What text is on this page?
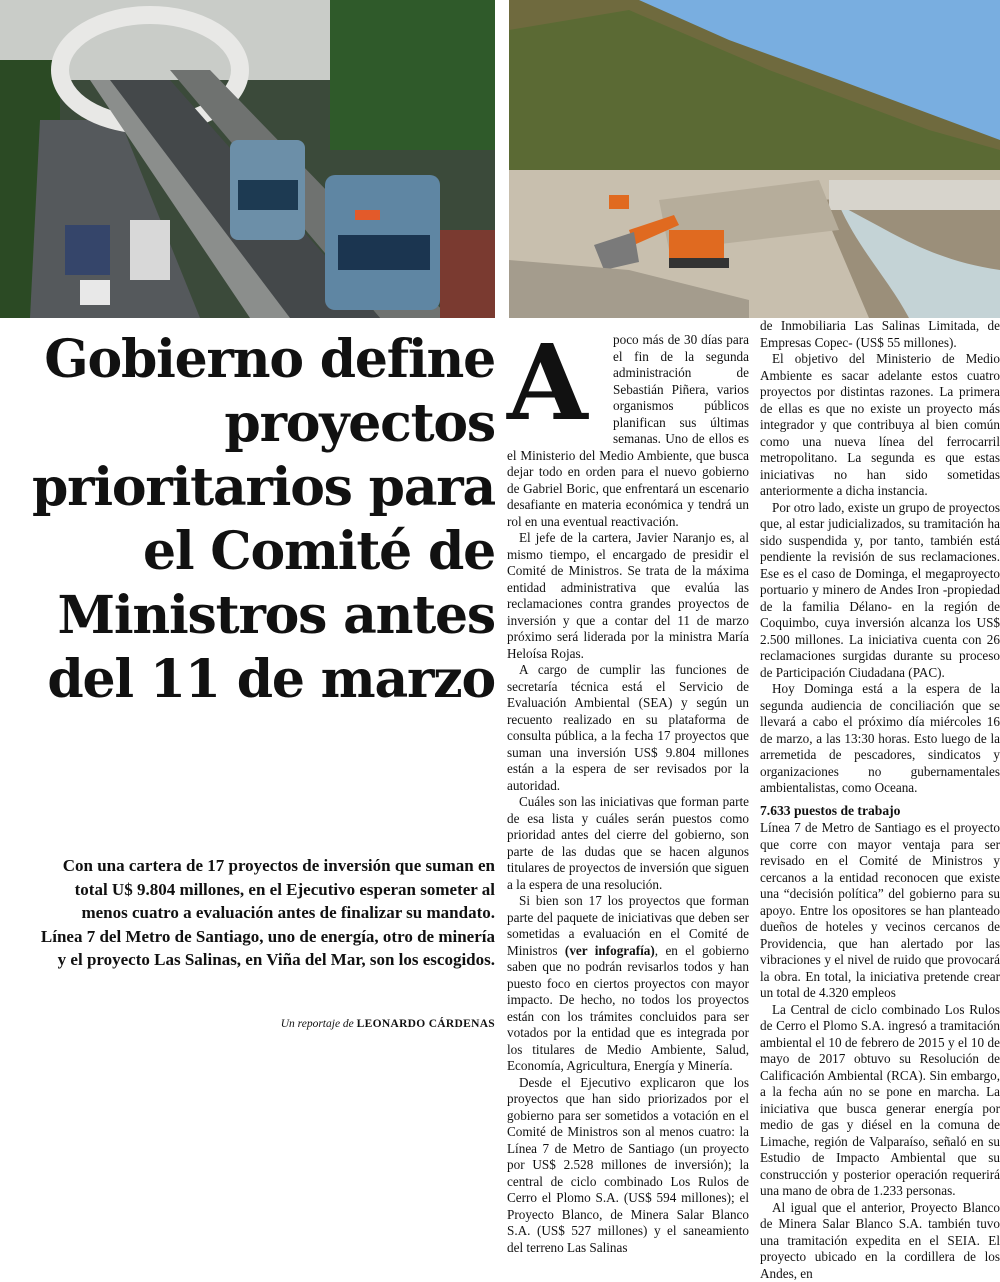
Gobierno define proyectos prioritarios para el Comité de Ministros antes del 11 de marzo

Con una cartera de 17 proyectos de inversión que suman en total U$ 9.804 millones, en el Ejecutivo esperan someter al menos cuatro a evaluación antes de finalizar su mandato. Línea 7 del Metro de Santiago, uno de energía, otro de minería y el proyecto Las Salinas, en Viña del Mar, son los escogidos.

Un reportaje de LEONARDO CÁRDENAS

A	poco más de 30 días para el fin de la segunda administración de Sebastián Piñera, varios organismos públicos planifican sus últimas semanas. Uno de ellos es el Ministerio del Medio Ambiente, que busca dejar todo en orden para el nuevo gobierno de Gabriel Boric, que enfrentará un escenario desafiante en materia económica y tendrá un rol en una eventual reactivación.

El jefe de la cartera, Javier Naranjo es, al mismo tiempo, el encargado de presidir el Comité de Ministros. Se trata de la máxima entidad administrativa que evalúa las reclamaciones contra grandes proyectos de inversión y que a contar del 11 de marzo próximo será liderada por la ministra María Heloísa Rojas.

A cargo de cumplir las funciones de secretaría técnica está el Servicio de Evaluación Ambiental (SEA) y según un recuento realizado en su plataforma de consulta pública, a la fecha 17 proyectos que suman una inversión US$ 9.804 millones están a la espera de ser revisados por la autoridad.

Cuáles son las iniciativas que forman parte de esa lista y cuáles serán puestos como prioridad antes del cierre del gobierno, son parte de las dudas que se hacen algunos titulares de proyectos de inversión que siguen a la espera de una resolución.

Si bien son 17 los proyectos que forman parte del paquete de iniciativas que deben ser sometidas a evaluación en el Comité de Ministros (ver infografía), en el gobierno saben que no podrán revisarlos todos y han puesto foco en ciertos proyectos con mayor impacto. De hecho, no todos los proyectos están con los trámites concluidos para ser votados por la entidad que es integrada por los titulares de Medio Ambiente, Salud, Economía, Agricultura, Energía y Minería.

Desde el Ejecutivo explicaron que los proyectos que han sido priorizados por el gobierno para ser sometidos a votación en el Comité de Ministros son al menos cuatro: la Línea 7 de Metro de Santiago (un proyecto por US$ 2.528 millones de inversión); la central de ciclo combinado Los Rulos de Cerro el Plomo S.A. (US$ 594 millones); el Proyecto Blanco, de Minera Salar Blanco S.A. (US$ 527 millones) y el saneamiento del terreno Las Salinas

de Inmobiliaria Las Salinas Limitada, de Empresas Copec- (US$ 55 millones).

El objetivo del Ministerio de Medio Ambiente es sacar adelante estos cuatro proyectos por distintas razones. La primera de ellas es que no existe un proyecto más integrador y que contribuya al bien común como una nueva línea del ferrocarril metropolitano. La segunda es que estas iniciativas no han sido sometidas anteriormente a dicha instancia.

Por otro lado, existe un grupo de proyectos que, al estar judicializados, su tramitación ha sido suspendida y, por tanto, también está pendiente la revisión de sus reclamaciones. Ese es el caso de Dominga, el megaproyecto portuario y minero de Andes Iron -propiedad de la familia Délano- en la región de Coquimbo, cuya inversión alcanza los US$ 2.500 millones. La iniciativa cuenta con 26 reclamaciones surgidas durante su proceso de Participación Ciudadana (PAC).

Hoy Dominga está a la espera de la segunda audiencia de conciliación que se llevará a cabo el próximo día miércoles 16 de marzo, a las 13:30 horas. Esto luego de la arremetida de pescadores, sindicatos y organizaciones no gubernamentales ambientalistas, como Oceana.

7.633 puestos de trabajo

Línea 7 de Metro de Santiago es el proyecto que corre con mayor ventaja para ser revisado en el Comité de Ministros y cercanos a la entidad reconocen que existe una “decisión política” del gobierno para su apoyo. Entre los opositores se han planteado dueños de hoteles y vecinos cercanos de Providencia, que han alertado por las vibraciones y el nivel de ruido que provocará la obra. En total, la iniciativa pretende crear un total de 4.320 empleos

La Central de ciclo combinado Los Rulos de Cerro el Plomo S.A. ingresó a tramitación ambiental el 10 de febrero de 2015 y el 10 de mayo de 2017 obtuvo su Resolución de Calificación Ambiental (RCA). Sin embargo, a la fecha aún no se pone en marcha. La iniciativa que busca generar energía por medio de gas y diésel en la comuna de Limache, región de Valparaíso, señaló en su Estudio de Impacto Ambiental que su construcción y posterior operación requerirá una mano de obra de 1.233 personas.

Al igual que el anterior, Proyecto Blanco de Minera Salar Blanco S.A. también tuvo una tramitación expedita en el SEIA. El proyecto ubicado en la cordillera de los Andes, en
